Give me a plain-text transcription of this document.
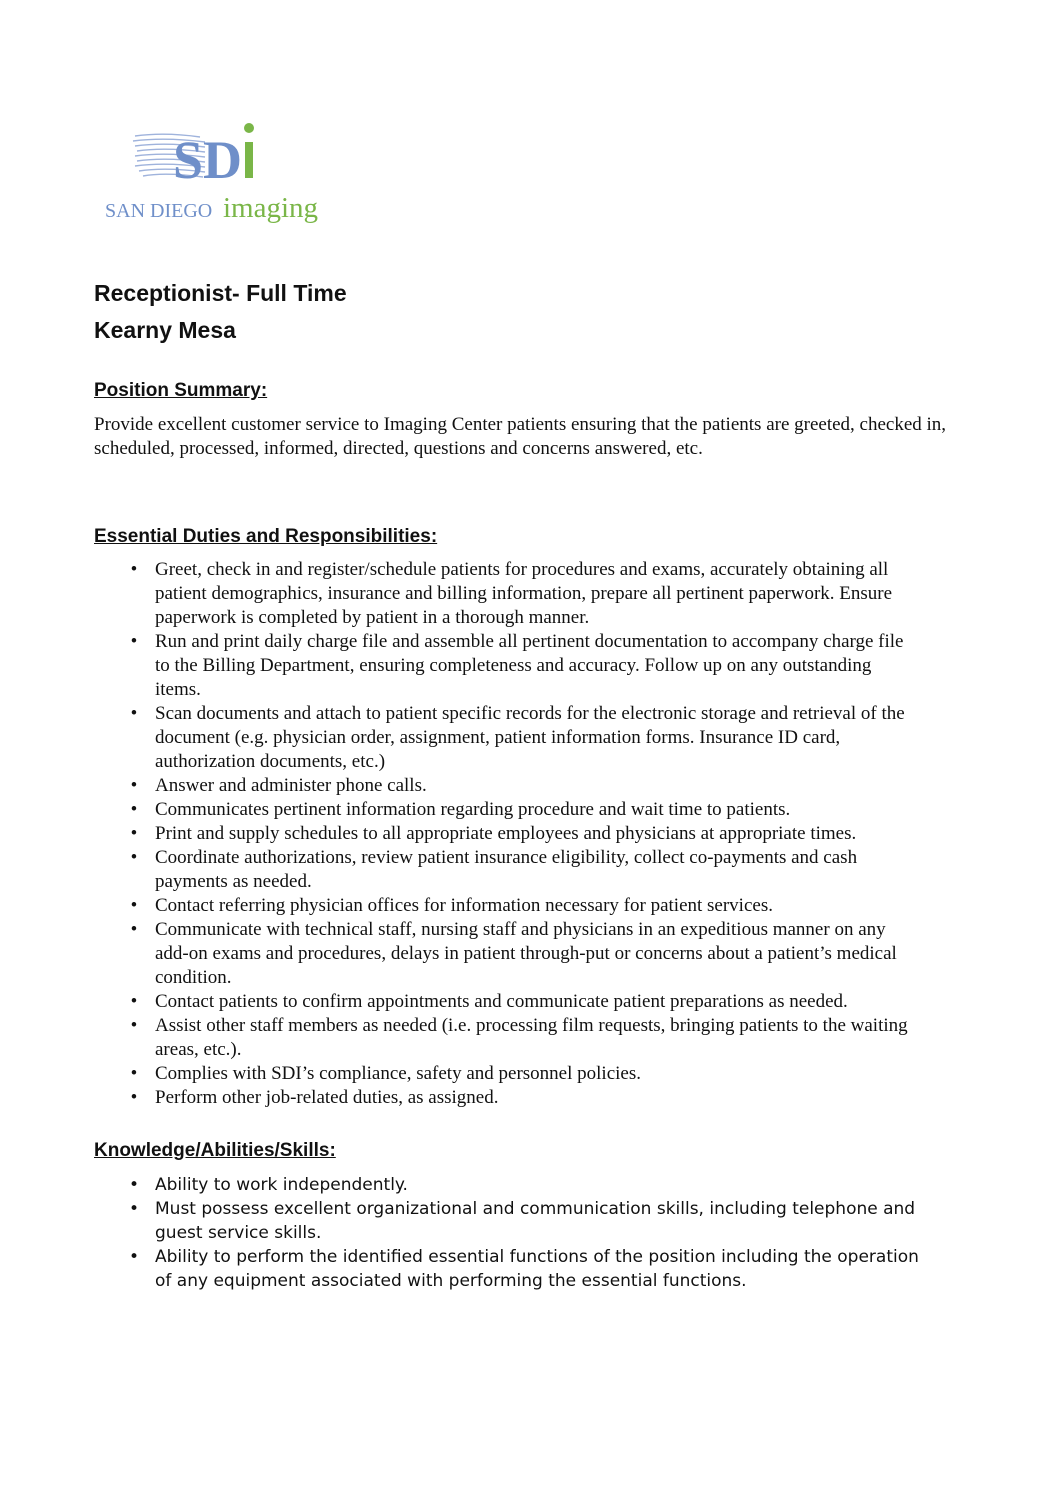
SD
SAN DIEGO imaging
Receptionist- Full Time
Kearny Mesa
Position Summary:

Provide excellent customer service to Imaging Center patients ensuring that the patients are greeted, checked in, scheduled, processed, informed, directed, questions and concerns answered, etc.

Essential Duties and Responsibilities:
• Greet, check in and register/schedule patients for procedures and exams, accurately obtaining all patient demographics, insurance and billing information, prepare all pertinent paperwork. Ensure paperwork is completed by patient in a thorough manner.
• Run and print daily charge file and assemble all pertinent documentation to accompany charge file to the Billing Department, ensuring completeness and accuracy. Follow up on any outstanding items.
• Scan documents and attach to patient specific records for the electronic storage and retrieval of the document (e.g. physician order, assignment, patient information forms. Insurance ID card, authorization documents, etc.)
• Answer and administer phone calls.
• Communicates pertinent information regarding procedure and wait time to patients.
• Print and supply schedules to all appropriate employees and physicians at appropriate times.
• Coordinate authorizations, review patient insurance eligibility, collect co-payments and cash payments as needed.
• Contact referring physician offices for information necessary for patient services.
• Communicate with technical staff, nursing staff and physicians in an expeditious manner on any add-on exams and procedures, delays in patient through-put or concerns about a patient’s medical condition.
• Contact patients to confirm appointments and communicate patient preparations as needed.
• Assist other staff members as needed (i.e. processing film requests, bringing patients to the waiting areas, etc.).
• Complies with SDI’s compliance, safety and personnel policies.
• Perform other job-related duties, as assigned.
Knowledge/Abilities/Skills:
• Ability to work independently.
• Must possess excellent organizational and communication skills, including telephone and guest service skills.
• Ability to perform the identified essential functions of the position including the operation of any equipment associated with performing the essential functions.
